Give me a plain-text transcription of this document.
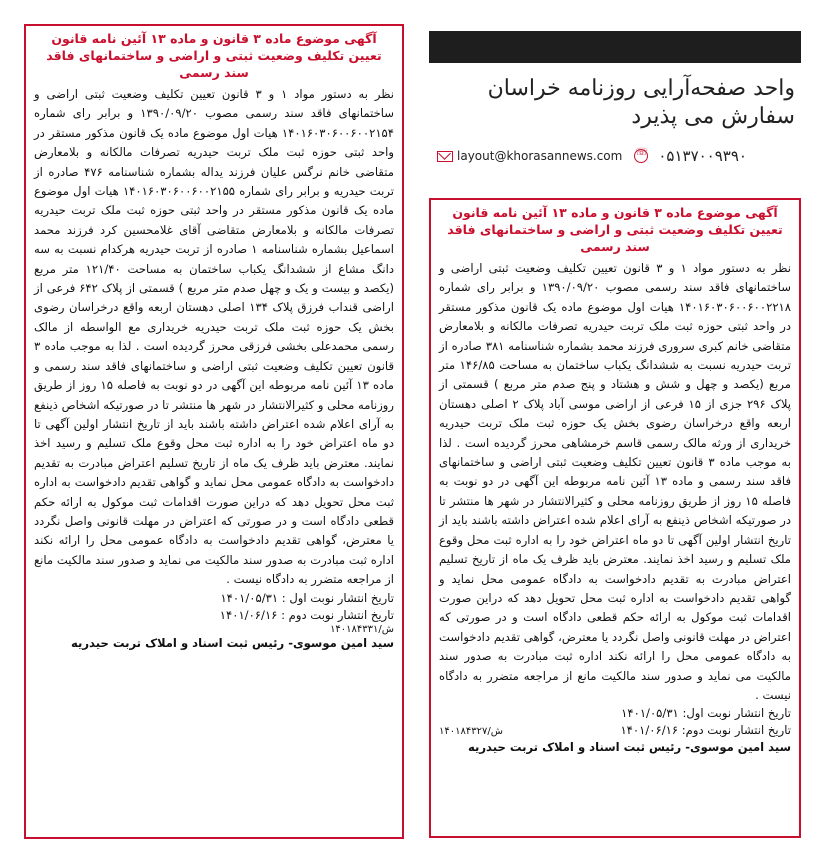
آگهی موضوع ماده ۳ قانون و ماده ۱۳ آئین نامه قانون تعیین تکلیف وضعیت ثبتی و اراضی و ساختمانهای فاقد سند رسمی

نظر به دستور مواد ۱ و ۳ قانون تعیین تکلیف وضعیت ثبتی اراضی و ساختمانهای فاقد سند رسمی مصوب ۱۳۹۰/۰۹/۲۰ و برابر رای شماره ۱۴۰۱۶۰۳۰۶۰۰۶۰۰۲۱۵۴ هیات اول موضوع ماده یک قانون مذکور مستقر در واحد ثبتی حوزه ثبت ملک تربت حیدریه تصرفات مالکانه و بلامعارض متقاضی خانم نرگس علیان فرزند یداله بشماره شناسنامه ۴۷۶ صادره از تربت حیدریه و برابر رای شماره ۱۴۰۱۶۰۳۰۶۰۰۶۰۰۲۱۵۵ هیات اول موضوع ماده یک قانون مذکور مستقر در واحد ثبتی حوزه ثبت ملک تربت حیدریه تصرفات مالکانه و بلامعارض متقاضی آقای غلامحسین کرد فرزند محمد اسماعیل بشماره شناسنامه ۱ صادره از تربت حیدریه هرکدام نسبت به سه دانگ مشاع از ششدانگ یکباب ساختمان به مساحت ۱۲۱/۴۰ متر مربع (یکصد و بیست و یک و چهل صدم متر مربع ) قسمتی از پلاک ۶۴۲ فرعی از اراضی قنداب فرزق پلاک ۱۳۴ اصلی دهستان اربعه واقع درخراسان رضوی بخش یک حوزه ثبت ملک تربت حیدریه خریداری مع الواسطه از مالک رسمی محمدعلی بخشی فرزقی محرز گردیده است . لذا به موجب ماده ۳ قانون تعیین تکلیف وضعیت ثبتی اراضی و ساختمانهای فاقد سند رسمی و ماده ۱۳ آئین نامه مربوطه این آگهی در دو نوبت به فاصله ۱۵ روز از طریق روزنامه محلی و کثیرالانتشار در شهر ها منتشر تا در صورتیکه اشخاص ذینفع به آرای اعلام شده اعتراض داشته باشند باید از تاریخ انتشار اولین آگهی تا دو ماه اعتراض خود را به اداره ثبت محل وقوع ملک تسلیم و رسید اخذ نمایند. معترض باید ظرف یک ماه از تاریخ تسلیم اعتراض مبادرت به تقدیم دادخواست به دادگاه عمومی محل نماید و گواهی تقدیم دادخواست به اداره ثبت محل تحویل دهد که دراین صورت اقدامات ثبت موکول به ارائه حکم قطعی دادگاه است و در صورتی که اعتراض در مهلت قانونی واصل نگردد یا معترض، گواهی تقدیم دادخواست به دادگاه عمومی محل را ارائه نکند اداره ثبت مبادرت به صدور سند مالکیت می نماید و صدور سند مالکیت مانع از مراجعه متضرر به دادگاه نیست .

تاریخ انتشار نوبت اول : ۱۴۰۱/۰۵/۳۱

تاریخ انتشار نوبت دوم : ۱۴۰۱/۰۶/۱۶

۱۴۰۱۸۴۳۳۱/ش

سید امین موسوی- رئیس ثبت اسناد و املاک تربت حیدریه

واحد صفحه‌آرایی روزنامه خراسان

سفارش می پذیرد

layout@khorasannews.com
☏ ۰۵۱۳۷۰۰۹۳۹۰

آگهی موضوع ماده ۳ قانون و ماده ۱۳ آئین نامه قانون تعیین تکلیف وضعیت ثبتی و اراضی و ساختمانهای فاقد سند رسمی

نظر به دستور مواد ۱ و ۳ قانون تعیین تکلیف وضعیت ثبتی اراضی و ساختمانهای فاقد سند رسمی مصوب ۱۳۹۰/۰۹/۲۰ و برابر رای شماره ۱۴۰۱۶۰۳۰۶۰۰۶۰۰۲۲۱۸ هیات اول موضوع ماده یک قانون مذکور مستقر در واحد ثبتی حوزه ثبت ملک تربت حیدریه تصرفات مالکانه و بلامعارض متقاضی خانم کبری سروری فرزند محمد بشماره شناسنامه ۳۸۱ صادره از تربت حیدریه نسبت به ششدانگ یکباب ساختمان به مساحت ۱۴۶/۸۵ متر مربع (یکصد و چهل و شش و هشتاد و پنج صدم متر مربع ) قسمتی از پلاک ۲۹۶ جزی از ۱۵ فرعی از اراضی موسی آباد پلاک ۲ اصلی دهستان اربعه واقع درخراسان رضوی بخش یک حوزه ثبت ملک تربت حیدریه خریداری از ورثه مالک رسمی قاسم خرمشاهی محرز گردیده است . لذا به موجب ماده ۳ قانون تعیین تکلیف وضعیت ثبتی اراضی و ساختمانهای فاقد سند رسمی و ماده ۱۳ آئین نامه مربوطه این آگهی در دو نوبت به فاصله ۱۵ روز از طریق روزنامه محلی و کثیرالانتشار در شهر ها منتشر تا در صورتیکه اشخاص ذینفع به آرای اعلام شده اعتراض داشته باشند باید از تاریخ انتشار اولین آگهی تا دو ماه اعتراض خود را به اداره ثبت محل وقوع ملک تسلیم و رسید اخذ نمایند. معترض باید ظرف یک ماه از تاریخ تسلیم اعتراض مبادرت به تقدیم دادخواست به دادگاه عمومی محل نماید و گواهی تقدیم دادخواست به اداره ثبت محل تحویل دهد که دراین صورت اقدامات ثبت موکول به ارائه حکم قطعی دادگاه است و در صورتی که اعتراض در مهلت قانونی واصل نگردد یا معترض، گواهی تقدیم دادخواست به دادگاه عمومی محل را ارائه نکند اداره ثبت مبادرت به صدور سند مالکیت می نماید و صدور سند مالکیت مانع از مراجعه متضرر به دادگاه نیست .

تاریخ انتشار نوبت اول: ۱۴۰۱/۰۵/۳۱

تاریخ انتشار نوبت دوم: ۱۴۰۱/۰۶/۱۶
۱۴۰۱۸۴۳۲۷/ش

سید امین موسوی- رئیس ثبت اسناد و املاک تربت حیدریه
